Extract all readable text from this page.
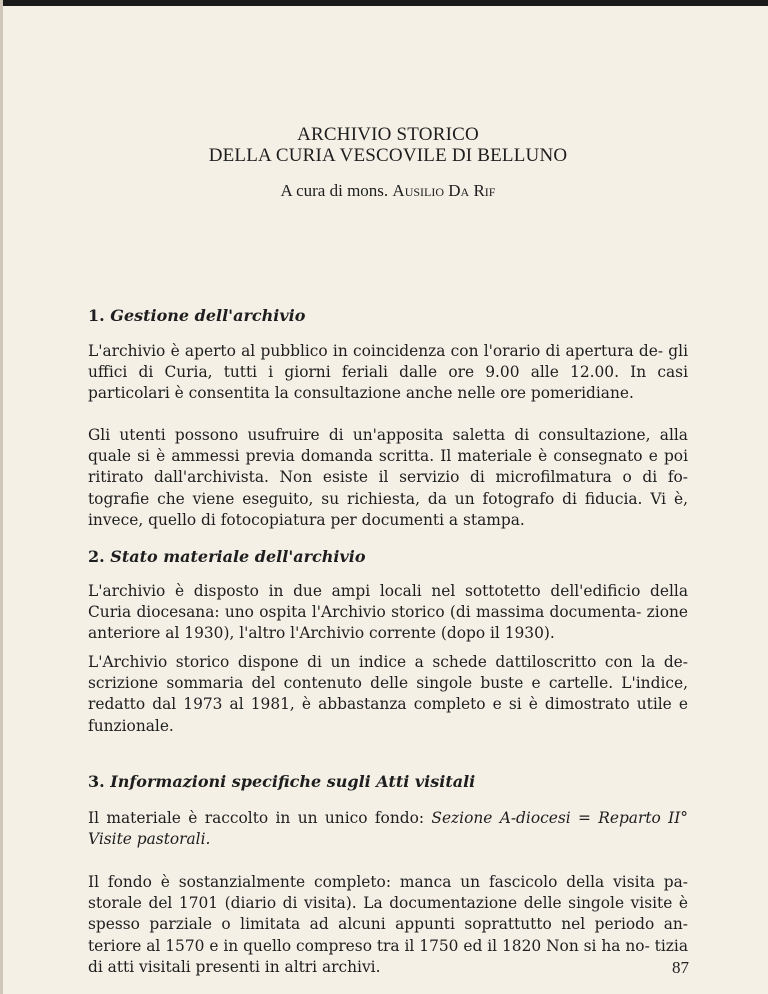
ARCHIVIO STORICO
DELLA CURIA VESCOVILE DI BELLUNO
A cura di mons. Ausilio Da Rif
1. Gestione dell'archivio

L'archivio è aperto al pubblico in coincidenza con l'orario di apertura de- gli uffici di Curia, tutti i giorni feriali dalle ore 9.00 alle 12.00. In casi particolari è consentita la consultazione anche nelle ore pomeridiane.

Gli utenti possono usufruire di un'apposita saletta di consultazione, alla quale si è ammessi previa domanda scritta. Il materiale è consegnato e poi ritirato dall'archivista. Non esiste il servizio di microfilmatura o di fo- tografie che viene eseguito, su richiesta, da un fotografo di fiducia. Vi è, invece, quello di fotocopiatura per documenti a stampa.

2. Stato materiale dell'archivio

L'archivio è disposto in due ampi locali nel sottotetto dell'edificio della Curia diocesana: uno ospita l'Archivio storico (di massima documenta- zione anteriore al 1930), l'altro l'Archivio corrente (dopo il 1930).

L'Archivio storico dispone di un indice a schede dattiloscritto con la de- scrizione sommaria del contenuto delle singole buste e cartelle. L'indice, redatto dal 1973 al 1981, è abbastanza completo e si è dimostrato utile e funzionale.

3. Informazioni specifiche sugli Atti visitali

Il materiale è raccolto in un unico fondo: Sezione A-diocesi = Reparto II° Visite pastorali.

Il fondo è sostanzialmente completo: manca un fascicolo della visita pa- storale del 1701 (diario di visita). La documentazione delle singole visite è spesso parziale o limitata ad alcuni appunti soprattutto nel periodo an- teriore al 1570 e in quello compreso tra il 1750 ed il 1820 Non si ha no- tizia di atti visitali presenti in altri archivi.	87
